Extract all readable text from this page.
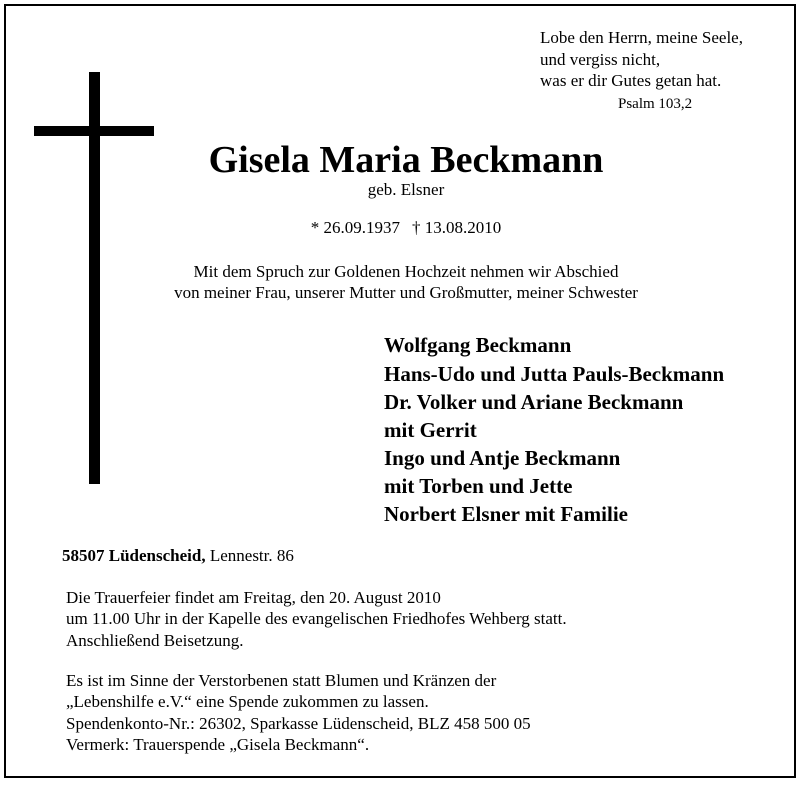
Lobe den Herrn, meine Seele,

und vergiss nicht,

was er dir Gutes getan hat.

Psalm 103,2

Gisela Maria Beckmann

geb. Elsner

* 26.09.1937 † 13.08.2010

Mit dem Spruch zur Goldenen Hochzeit nehmen wir Abschied

von meiner Frau, unserer Mutter und Großmutter, meiner Schwester

Wolfgang Beckmann

Hans-Udo und Jutta Pauls-Beckmann

Dr. Volker und Ariane Beckmann

mit Gerrit

Ingo und Antje Beckmann

mit Torben und Jette

Norbert Elsner mit Familie

58507 Lüdenscheid, Lennestr. 86

Die Trauerfeier findet am Freitag, den 20. August 2010

um 11.00 Uhr in der Kapelle des evangelischen Friedhofes Wehberg statt.

Anschließend Beisetzung.

Es ist im Sinne der Verstorbenen statt Blumen und Kränzen der

„Lebenshilfe e.V.“ eine Spende zukommen zu lassen.

Spendenkonto-Nr.: 26302, Sparkasse Lüdenscheid, BLZ 458 500 05

Vermerk: Trauerspende „Gisela Beckmann“.
